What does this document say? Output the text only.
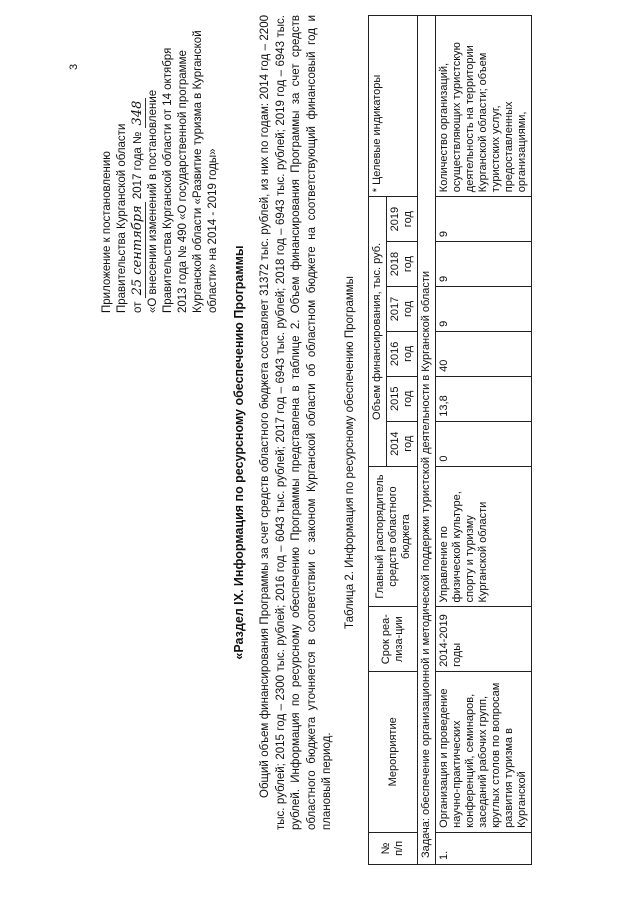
3
Приложение к постановлению Правительства Курганской области от 25 сентября 2017 года № 348 «О внесении изменений в постановление Правительства Курганской области от 14 октября 2013 года № 490 «О государственной программе Курганской области «Развитие туризма в Курганской области» на 2014 - 2019 годы»
«Раздел IX. Информация по ресурсному обеспечению Программы Общий объем финансирования Программы за счет средств областного бюджета составляет 31372 тыс. рублей, из них по годам: 2014 год – 2200 тыс. рублей; 2015 год – 2300 тыс. рублей; 2016 год – 6043 тыс. рублей; 2017 год – 6943 тыс. рублей; 2018 год – 6943 тыс. рублей; 2019 год – 6943 тыс. рублей. Информация по ресурсному обеспечению Программы представлена в таблице 2. Объем финансирования Программы за счет средств областного бюджета уточняется в соответствии с законом Курганской области об областном бюджете на соответствующий финансовый год и плановый период.
Таблица 2. Информация по ресурсному обеспечению Программы
№ п/п	Мероприятие	Срок реа-лиза-ции	Главный распорядитель средств областного бюджета	Объем финансирования, тыс. руб.						* Целевые индикаторы
				2014 год	2015 год	2016 год	2017 год	2018 год	2019 год	
Задача: обеспечение организационной и методической поддержки туристской деятельности в Курганской области										
1.	Организация и проведение научно-практических конференций, семинаров, заседаний рабочих групп, круглых столов по вопросам развития туризма в Курганской	2014-2019 годы	Управление по физической культуре, спорту и туризму Курганской области	0	13,8	40	9	9	9	Количество организаций, осуществляющих туристскую деятельность на территории Курганской области; объем туристских услуг, предоставленных организациями,
